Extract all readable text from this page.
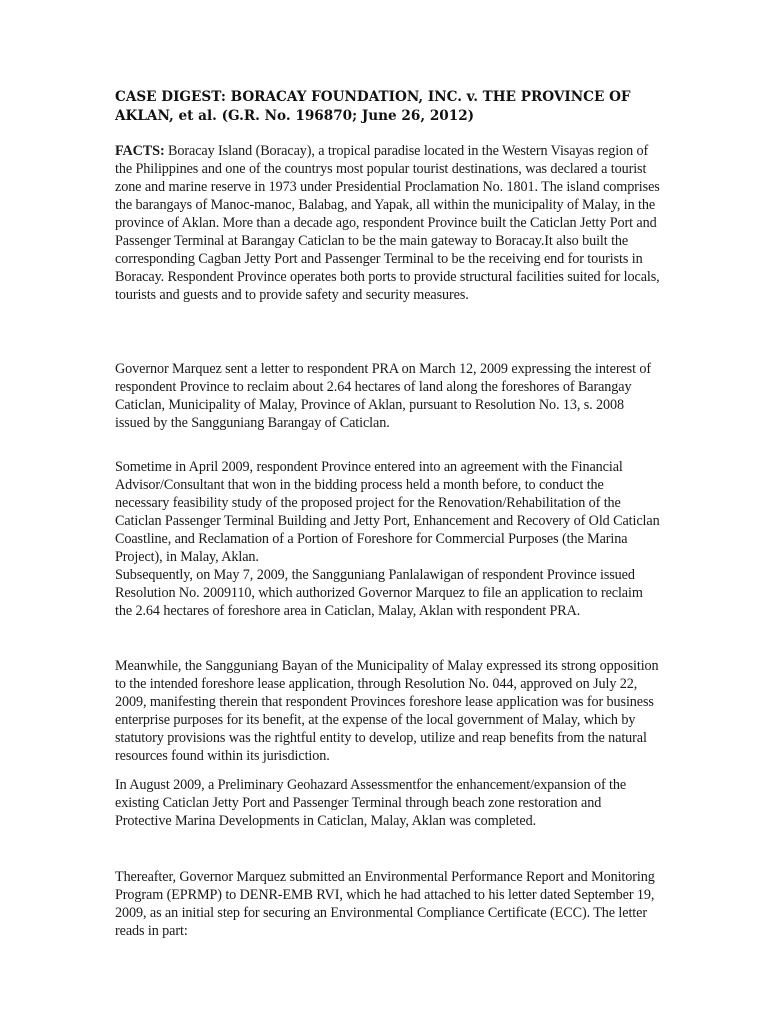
CASE DIGEST: BORACAY FOUNDATION, INC. v. THE PROVINCE OF AKLAN, et al. (G.R. No. 196870; June 26, 2012)

FACTS: Boracay Island (Boracay), a tropical paradise located in the Western Visayas region of the Philippines and one of the countrys most popular tourist destinations, was declared a tourist zone and marine reserve in 1973 under Presidential Proclamation No. 1801. The island comprises the barangays of Manoc-manoc, Balabag, and Yapak, all within the municipality of Malay, in the province of Aklan. More than a decade ago, respondent Province built the Caticlan Jetty Port and Passenger Terminal at Barangay Caticlan to be the main gateway to Boracay.It also built the corresponding Cagban Jetty Port and Passenger Terminal to be the receiving end for tourists in Boracay. Respondent Province operates both ports to provide structural facilities suited for locals, tourists and guests and to provide safety and security measures.

Governor Marquez sent a letter to respondent PRA on March 12, 2009 expressing the interest of respondent Province to reclaim about 2.64 hectares of land along the foreshores of Barangay Caticlan, Municipality of Malay, Province of Aklan, pursuant to Resolution No. 13, s. 2008 issued by the Sangguniang Barangay of Caticlan.

Sometime in April 2009, respondent Province entered into an agreement with the Financial Advisor/Consultant that won in the bidding process held a month before, to conduct the necessary feasibility study of the proposed project for the Renovation/Rehabilitation of the Caticlan Passenger Terminal Building and Jetty Port, Enhancement and Recovery of Old Caticlan Coastline, and Reclamation of a Portion of Foreshore for Commercial Purposes (the Marina Project), in Malay, Aklan.

Subsequently, on May 7, 2009, the Sangguniang Panlalawigan of respondent Province issued Resolution No. 2009110, which authorized Governor Marquez to file an application to reclaim the 2.64 hectares of foreshore area in Caticlan, Malay, Aklan with respondent PRA.

Meanwhile, the Sangguniang Bayan of the Municipality of Malay expressed its strong opposition to the intended foreshore lease application, through Resolution No. 044, approved on July 22, 2009, manifesting therein that respondent Provinces foreshore lease application was for business enterprise purposes for its benefit, at the expense of the local government of Malay, which by statutory provisions was the rightful entity to develop, utilize and reap benefits from the natural resources found within its jurisdiction.

In August 2009, a Preliminary Geohazard Assessmentfor the enhancement/expansion of the existing Caticlan Jetty Port and Passenger Terminal through beach zone restoration and Protective Marina Developments in Caticlan, Malay, Aklan was completed.

Thereafter, Governor Marquez submitted an Environmental Performance Report and Monitoring Program (EPRMP) to DENR-EMB RVI, which he had attached to his letter dated September 19, 2009, as an initial step for securing an Environmental Compliance Certificate (ECC). The letter reads in part:
